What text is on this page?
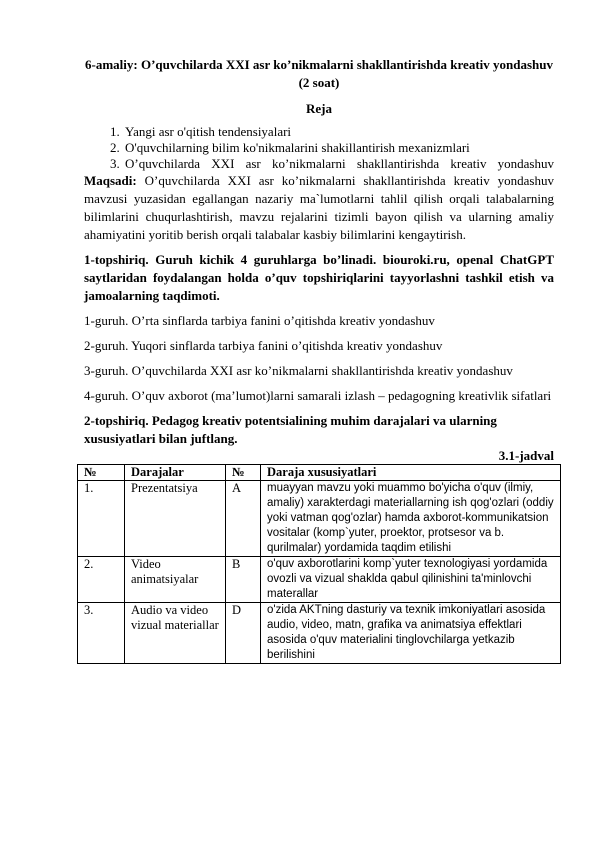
6-amaliy: O’quvchilarda XXI asr ko’nikmalarni shakllantirishda kreativ yondashuv (2 soat)

Reja
1. Yangi asr o'qitish tendensiyalari
2. O'quvchilarning bilim ko'nikmalarini shakillantirish mexanizmlari
3. O’quvchilarda XXI asr ko’nikmalarni shakllantirishda kreativ yondashuv

Maqsadi: O’quvchilarda XXI asr ko’nikmalarni shakllantirishda kreativ yondashuv mavzusi yuzasidan egallangan nazariy ma`lumotlarni tahlil qilish orqali talabalarning bilimlarini chuqurlashtirish, mavzu rejalarini tizimli bayon qilish va ularning amaliy ahamiyatini yoritib berish orqali talabalar kasbiy bilimlarini kengaytirish.

1-topshiriq. Guruh kichik 4 guruhlarga bo’linadi. biouroki.ru, openal ChatGPT saytlaridan foydalangan holda o’quv topshiriqlarini tayyorlashni tashkil etish va jamoalarning taqdimoti.

1-guruh. O’rta sinflarda tarbiya fanini o’qitishda kreativ yondashuv

2-guruh. Yuqori sinflarda tarbiya fanini o’qitishda kreativ yondashuv

3-guruh. O’quvchilarda XXI asr ko’nikmalarni shakllantirishda kreativ yondashuv

4-guruh. O’quv axborot (ma’lumot)larni samarali izlash – pedagogning kreativlik sifatlari

2-topshiriq. Pedagog kreativ potentsialining muhim darajalari va ularning xususiyatlari bilan juftlang.

3.1-jadval
№	Darajalar	№	Daraja xususiyatlari
1.	Prezentatsiya	A	muayyan mavzu yoki muammo bo'yicha o'quv (ilmiy, amaliy) xarakterdagi materiallarning ish qog'ozlari (oddiy yoki vatman qog'ozlar) hamda axborot-kommunikatsion vositalar (komp`yuter, proektor, protsesor va b. qurilmalar) yordamida taqdim etilishi
2.	Video animatsiyalar	B	o'quv axborotlarini komp`yuter texnologiyasi yordamida ovozli va vizual shaklda qabul qilinishini ta'minlovchi materallar
3.	Audio va video vizual materiallar	D	o'zida AKTning dasturiy va texnik imkoniyatlari asosida audio, video, matn, grafika va animatsiya effektlari asosida o'quv materialini tinglovchilarga yetkazib berilishini
